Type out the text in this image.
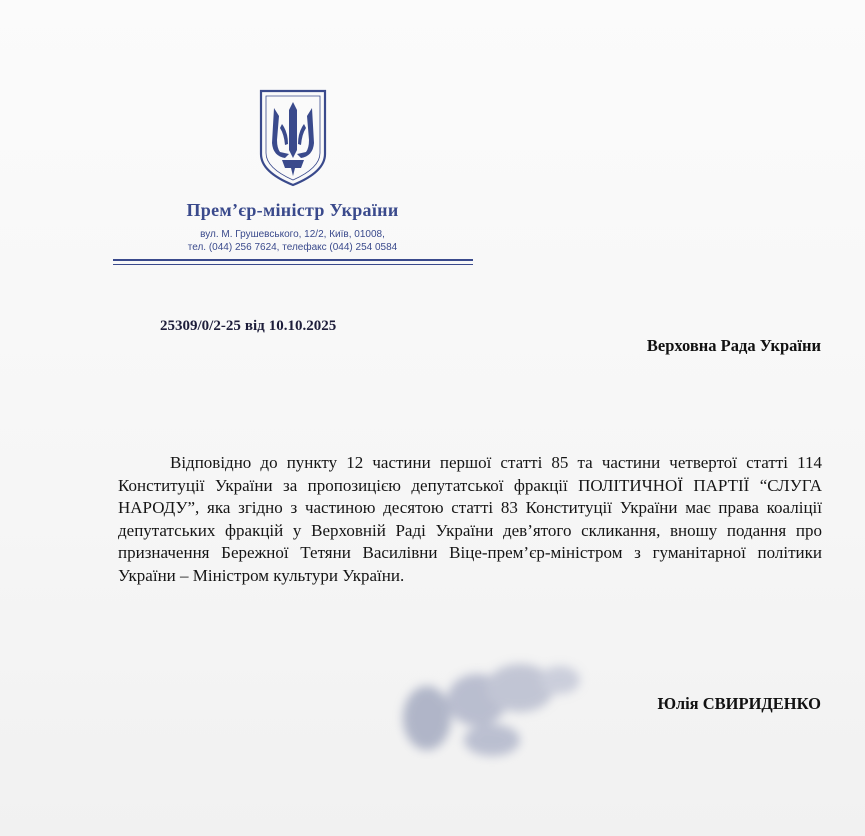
Прем’єр-міністр України
вул. М. Грушевського, 12/2, Київ, 01008,
тел. (044) 256 7624, телефакс (044) 254 0584
25309/0/2-25 від 10.10.2025
Верховна Рада України

Відповідно до пункту 12 частини першої статті 85 та частини четвертої статті 114 Конституції України за пропозицією депутатської фракції ПОЛІТИЧНОЇ ПАРТІЇ “СЛУГА НАРОДУ”, яка згідно з частиною десятою статті 83 Конституції України має права коаліції депутатських фракцій у Верховній Раді України дев’ятого скликання, вношу подання про призначення Бережної Тетяни Василівни Віце-прем’єр-міністром з гуманітарної політики України – Міністром культури України.

Юлія СВИРИДЕНКО
